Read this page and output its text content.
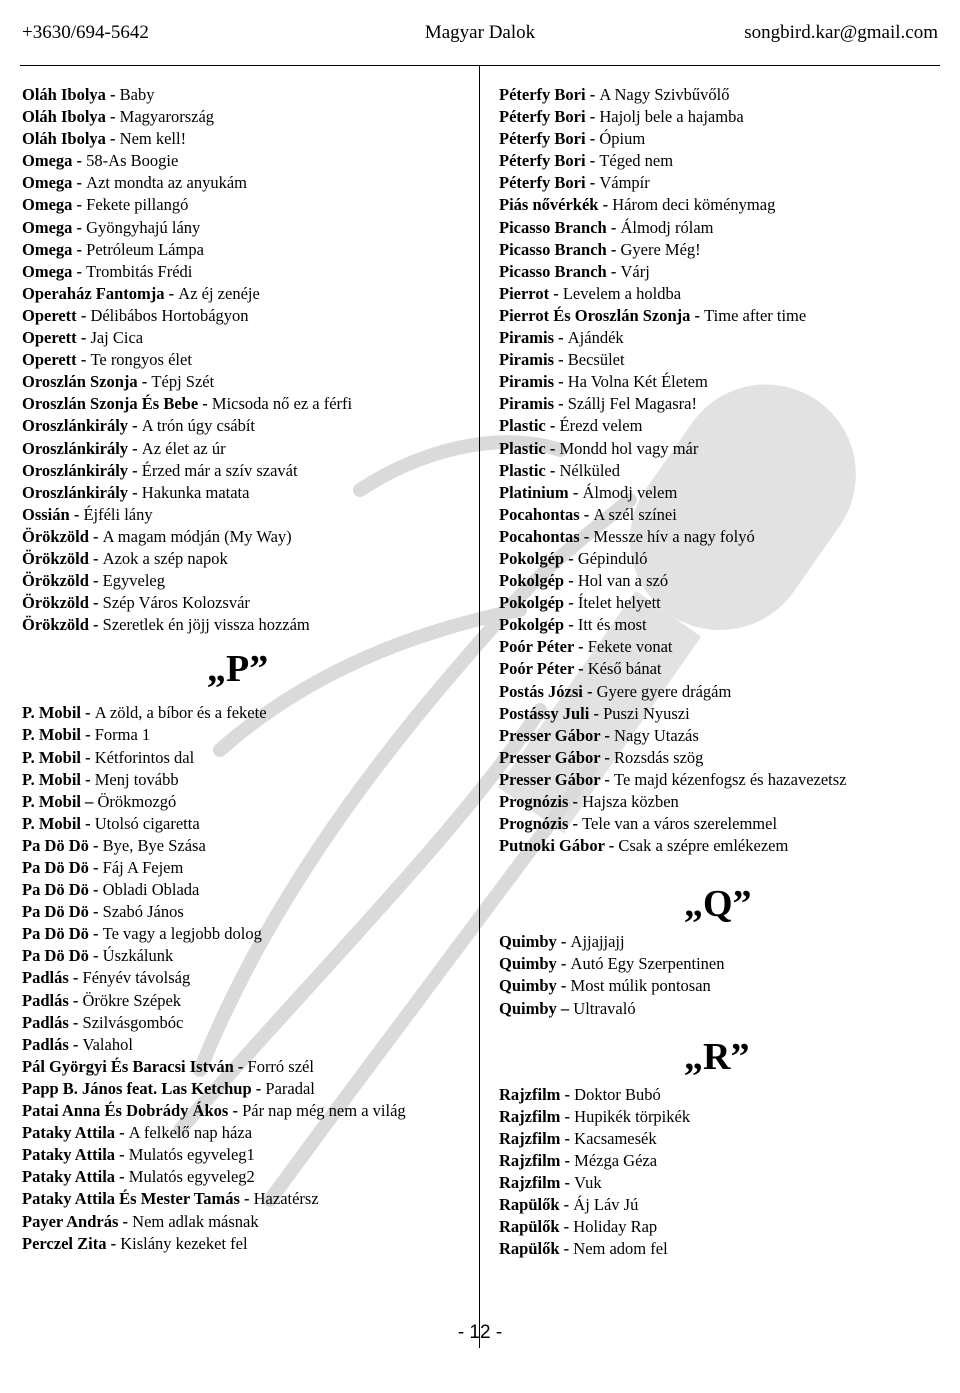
+3630/694-5642	Magyar Dalok	songbird.kar@gmail.com
Oláh Ibolya - Baby
Oláh Ibolya - Magyarország
Oláh Ibolya - Nem kell!
Omega - 58-As Boogie
Omega - Azt mondta az anyukám
Omega - Fekete pillangó
Omega - Gyöngyhajú lány
Omega - Petróleum Lámpa
Omega - Trombitás Frédi
Operaház Fantomja - Az éj zenéje
Operett - Délibábos Hortobágyon
Operett - Jaj Cica
Operett - Te rongyos élet
Oroszlán Szonja - Tépj Szét
Oroszlán Szonja És Bebe - Micsoda nő ez a férfi
Oroszlánkirály - A trón úgy csábít
Oroszlánkirály - Az élet az úr
Oroszlánkirály - Érzed már a szív szavát
Oroszlánkirály - Hakunka matata
Ossián - Éjféli lány
Örökzöld - A magam módján (My Way)
Örökzöld - Azok a szép napok
Örökzöld - Egyveleg
Örökzöld - Szép Város Kolozsvár
Örökzöld - Szeretlek én jöjj vissza hozzám
„P”
P. Mobil - A zöld, a bíbor és a fekete
P. Mobil - Forma 1
P. Mobil - Kétforintos dal
P. Mobil - Menj tovább
P. Mobil – Örökmozgó
P. Mobil - Utolsó cigaretta
Pa Dö Dö - Bye, Bye Szása
Pa Dö Dö - Fáj A Fejem
Pa Dö Dö - Obladi Oblada
Pa Dö Dö - Szabó János
Pa Dö Dö - Te vagy a legjobb dolog
Pa Dö Dö - Úszkálunk
Padlás - Fényév távolság
Padlás - Örökre Szépek
Padlás - Szilvásgombóc
Padlás - Valahol
Pál Györgyi És Baracsi István - Forró szél
Papp B. János feat. Las Ketchup - Paradal
Patai Anna És Dobrády Ákos - Pár nap még nem a világ
Pataky Attila - A felkelő nap háza
Pataky Attila - Mulatós egyveleg1
Pataky Attila - Mulatós egyveleg2
Pataky Attila És Mester Tamás - Hazatérsz
Payer András - Nem adlak másnak
Perczel Zita - Kislány kezeket fel
Péterfy Bori - A Nagy Szivbűvőlő
Péterfy Bori - Hajolj bele a hajamba
Péterfy Bori - Ópium
Péterfy Bori - Téged nem
Péterfy Bori - Vámpír
Piás nővérkék - Három deci köménymag
Picasso Branch - Álmodj rólam
Picasso Branch - Gyere Még!
Picasso Branch - Várj
Pierrot - Levelem a holdba
Pierrot És Oroszlán Szonja - Time after time
Piramis - Ajándék
Piramis - Becsület
Piramis - Ha Volna Két Életem
Piramis - Szállj Fel Magasra!
Plastic - Érezd velem
Plastic - Mondd hol vagy már
Plastic - Nélküled
Platinium - Álmodj velem
Pocahontas - A szél színei
Pocahontas - Messze hív a nagy folyó
Pokolgép - Gépinduló
Pokolgép - Hol van a szó
Pokolgép - Ítelet helyett
Pokolgép - Itt és most
Poór Péter - Fekete vonat
Poór Péter - Késő bánat
Postás Józsi - Gyere gyere drágám
Postássy Juli - Puszi Nyuszi
Presser Gábor - Nagy Utazás
Presser Gábor - Rozsdás szög
Presser Gábor - Te majd kézenfogsz és hazavezetsz
Prognózis - Hajsza közben
Prognózis - Tele van a város szerelemmel
Putnoki Gábor - Csak a szépre emlékezem
„Q”
Quimby - Ajjajjajj
Quimby - Autó Egy Szerpentinen
Quimby - Most múlik pontosan
Quimby – Ultravaló
„R”
Rajzfilm - Doktor Bubó
Rajzfilm - Hupikék törpikék
Rajzfilm - Kacsamesék
Rajzfilm - Mézga Géza
Rajzfilm - Vuk
Rapülők - Áj Láv Jú
Rapülők - Holiday Rap
Rapülők - Nem adom fel
- 12 -
